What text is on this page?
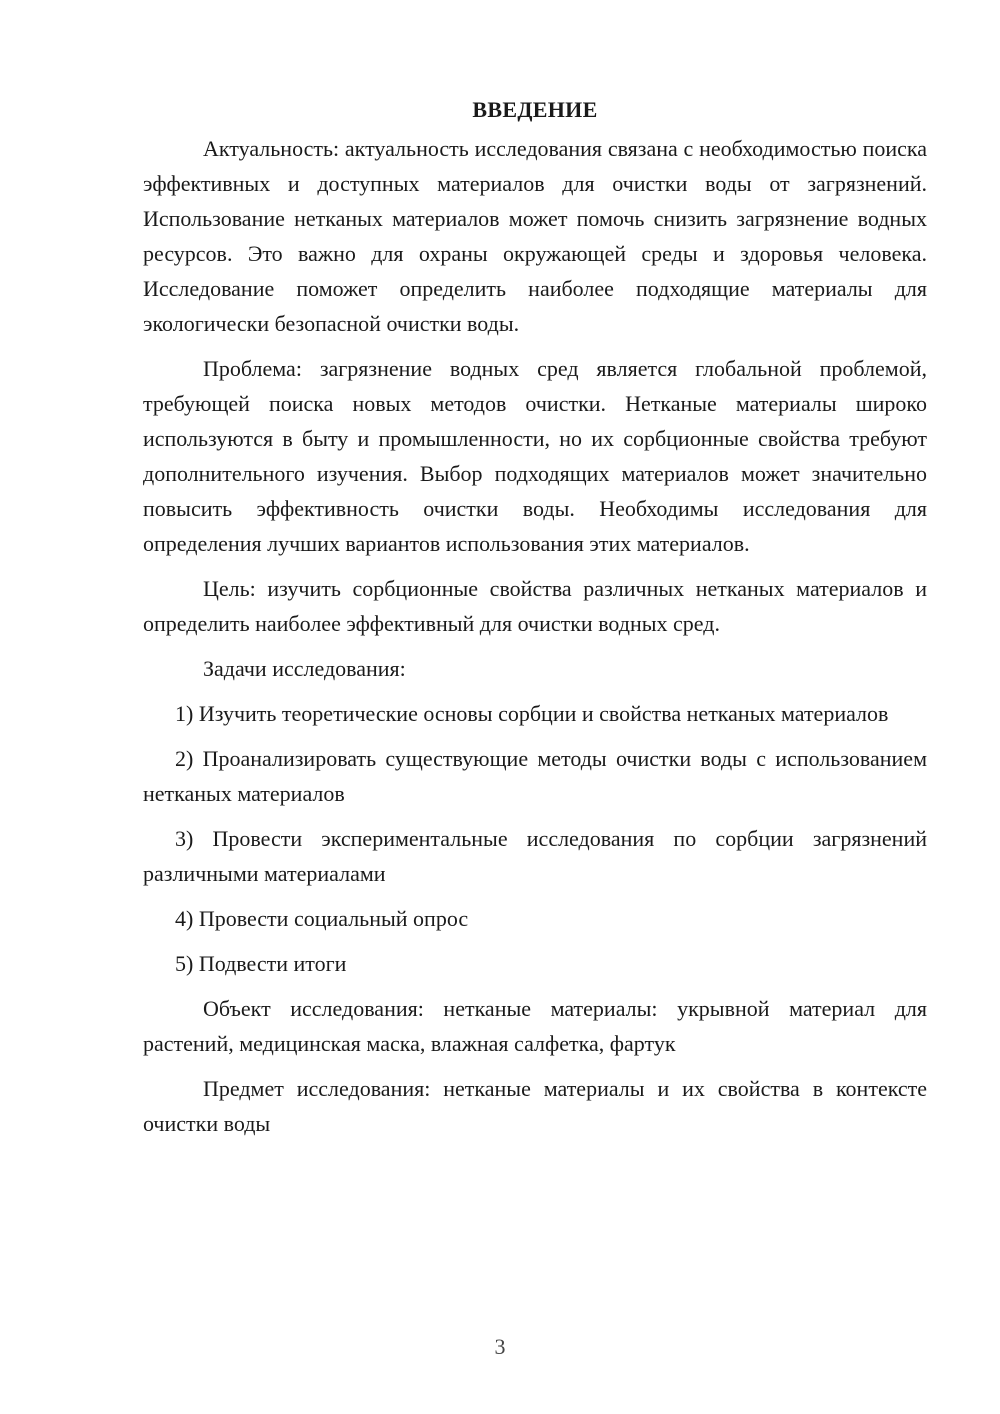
ВВЕДЕНИЕ

Актуальность: актуальность исследования связана с необходимостью поиска эффективных и доступных материалов для очистки воды от загрязнений. Использование нетканых материалов может помочь снизить загрязнение водных ресурсов. Это важно для охраны окружающей среды и здоровья человека. Исследование поможет определить наиболее подходящие материалы для экологически безопасной очистки воды.

Проблема: загрязнение водных сред является глобальной проблемой, требующей поиска новых методов очистки. Нетканые материалы широко используются в быту и промышленности, но их сорбционные свойства требуют дополнительного изучения. Выбор подходящих материалов может значительно повысить эффективность очистки воды. Необходимы исследования для определения лучших вариантов использования этих материалов.

Цель: изучить сорбционные свойства различных нетканых материалов и определить наиболее эффективный для очистки водных сред.

Задачи исследования:

1) Изучить теоретические основы сорбции и свойства нетканых материалов

2) Проанализировать существующие методы очистки воды с использованием нетканых материалов

3) Провести экспериментальные исследования по сорбции загрязнений различными материалами

4) Провести социальный опрос

5) Подвести итоги

Объект исследования: нетканые материалы: укрывной материал для растений, медицинская маска, влажная салфетка, фартук

Предмет исследования: нетканые материалы и их свойства в контексте очистки воды

3
